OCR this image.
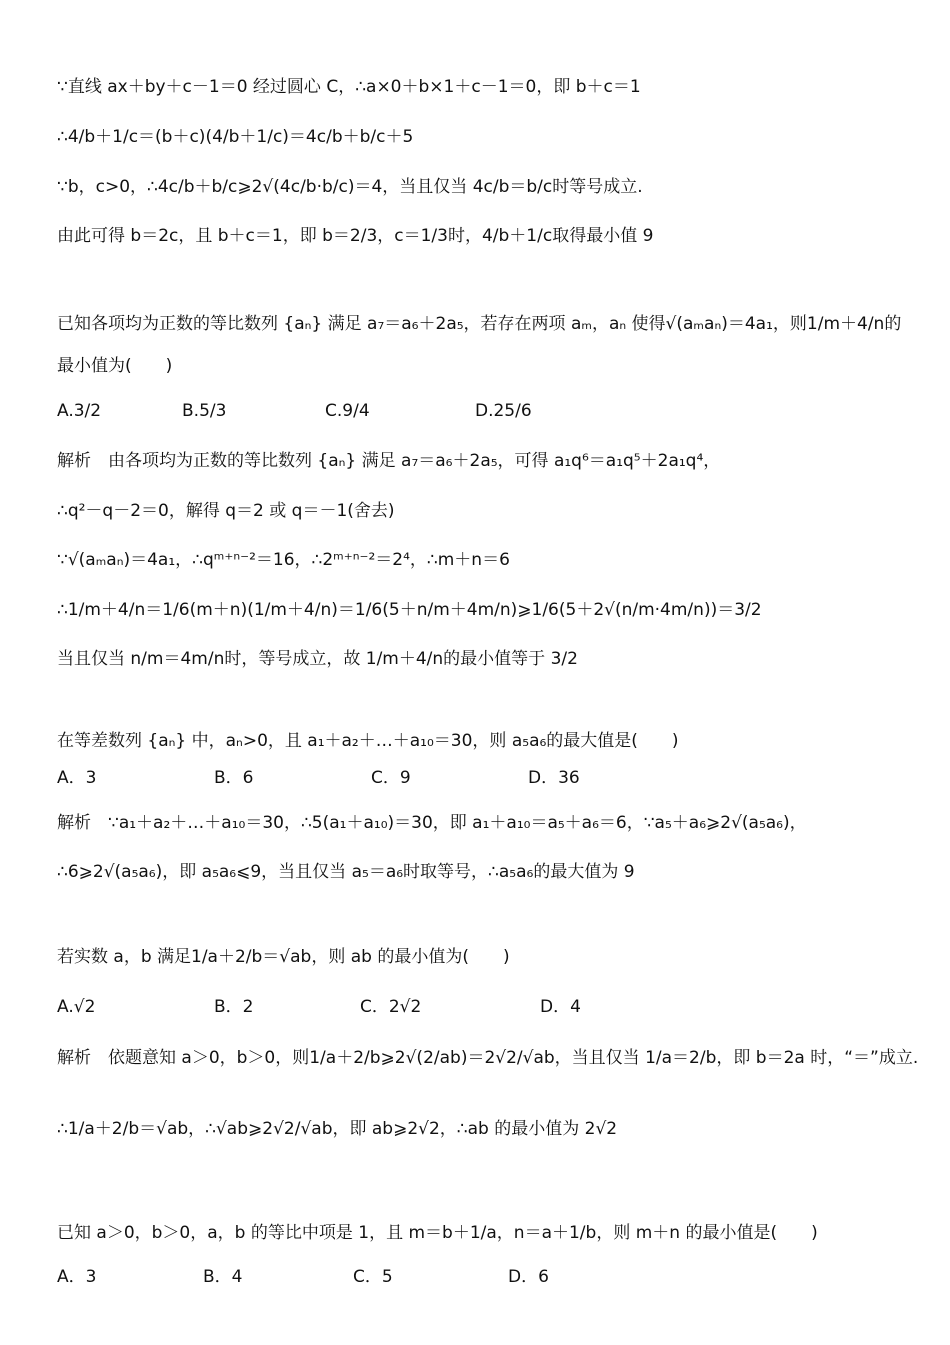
∵直线 ax＋by＋c－1＝0 经过圆心 C，∴a×0＋b×1＋c－1＝0，即 b＋c＝1
∴4/b＋1/c＝(b＋c)(4/b＋1/c)＝4c/b＋b/c＋5
∵b，c>0，∴4c/b＋b/c⩾2√(4c/b·b/c)＝4，当且仅当 4c/b＝b/c时等号成立.
由此可得 b＝2c，且 b＋c＝1，即 b＝2/3，c＝1/3时，4/b＋1/c取得最小值 9
已知各项均为正数的等比数列 {aₙ} 满足 a₇＝a₆＋2a₅，若存在两项 aₘ，aₙ 使得√(aₘaₙ)＝4a₁，则1/m＋4/n的
最小值为(　　)
A.3/2	B.5/3	C.9/4	D.25/6
解析　由各项均为正数的等比数列 {aₙ} 满足 a₇＝a₆＋2a₅，可得 a₁q⁶＝a₁q⁵＋2a₁q⁴，
∴q²－q－2＝0，解得 q＝2 或 q＝－1(舍去)
∵√(aₘaₙ)＝4a₁，∴qᵐ⁺ⁿ⁻²＝16，∴2ᵐ⁺ⁿ⁻²＝2⁴，∴m＋n＝6
∴1/m＋4/n＝1/6(m＋n)(1/m＋4/n)＝1/6(5＋n/m＋4m/n)⩾1/6(5＋2√(n/m·4m/n))＝3/2
当且仅当 n/m＝4m/n时，等号成立，故 1/m＋4/n的最小值等于 3/2
在等差数列 {aₙ} 中，aₙ>0，且 a₁＋a₂＋…＋a₁₀＝30，则 a₅a₆的最大值是(　　)
A．3	B．6	C．9	D．36
解析　∵a₁＋a₂＋…＋a₁₀＝30，∴5(a₁＋a₁₀)＝30，即 a₁＋a₁₀＝a₅＋a₆＝6，∵a₅＋a₆⩾2√(a₅a₆)，
∴6⩾2√(a₅a₆)，即 a₅a₆⩽9，当且仅当 a₅＝a₆时取等号，∴a₅a₆的最大值为 9
若实数 a，b 满足1/a＋2/b＝√ab，则 ab 的最小值为(　　)
A.√2	B．2	C．2√2	D．4
解析　依题意知 a＞0，b＞0，则1/a＋2/b⩾2√(2/ab)＝2√2/√ab，当且仅当 1/a＝2/b，即 b＝2a 时，“＝”成立.
∴1/a＋2/b＝√ab，∴√ab⩾2√2/√ab，即 ab⩾2√2，∴ab 的最小值为 2√2
已知 a＞0，b＞0，a，b 的等比中项是 1，且 m＝b＋1/a，n＝a＋1/b，则 m＋n 的最小值是(　　)
A．3	B．4	C．5	D．6
